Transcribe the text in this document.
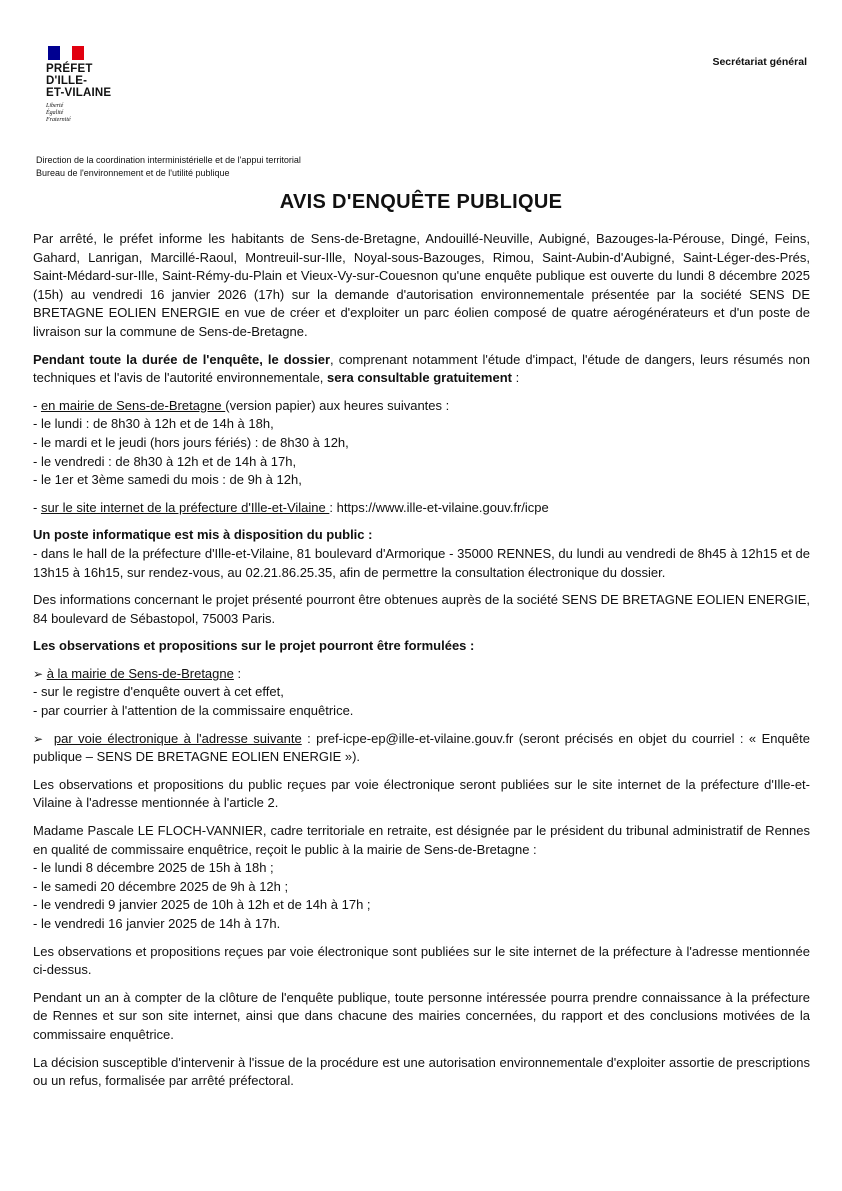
PRÉFET
D'ILLE-
ET-VILAINE
Liberté
Égalité
Fraternité
Secrétariat général
Direction de la coordination interministérielle et de l'appui territorial
Bureau de l'environnement et de l'utilité publique
AVIS D'ENQUÊTE PUBLIQUE

Par arrêté, le préfet informe les habitants de Sens-de-Bretagne, Andouillé-Neuville, Aubigné, Bazouges-la-Pérouse, Dingé, Feins, Gahard, Lanrigan, Marcillé-Raoul, Montreuil-sur-Ille, Noyal-sous-Bazouges, Rimou, Saint-Aubin-d'Aubigné, Saint-Léger-des-Prés, Saint-Médard-sur-Ille, Saint-Rémy-du-Plain et Vieux-Vy-sur-Couesnon qu'une enquête publique est ouverte du lundi 8 décembre 2025 (15h) au vendredi 16 janvier 2026 (17h) sur la demande d'autorisation environnementale présentée par la société SENS DE BRETAGNE EOLIEN ENERGIE en vue de créer et d'exploiter un parc éolien composé de quatre aérogénérateurs et d'un poste de livraison sur la commune de Sens-de-Bretagne.

Pendant toute la durée de l'enquête, le dossier, comprenant notamment l'étude d'impact, l'étude de dangers, leurs résumés non techniques et l'avis de l'autorité environnementale, sera consultable gratuitement :

- en mairie de Sens-de-Bretagne (version papier) aux heures suivantes :
- le lundi : de 8h30 à 12h et de 14h à 18h,
- le mardi et le jeudi (hors jours fériés) : de 8h30 à 12h,
- le vendredi : de 8h30 à 12h et de 14h à 17h,
- le 1er et 3ème samedi du mois : de 9h à 12h,

- sur le site internet de la préfecture d'Ille-et-Vilaine : https://www.ille-et-vilaine.gouv.fr/icpe

Un poste informatique est mis à disposition du public :
- dans le hall de la préfecture d'Ille-et-Vilaine, 81 boulevard d'Armorique - 35000 RENNES, du lundi au vendredi de 8h45 à 12h15 et de 13h15 à 16h15, sur rendez-vous, au 02.21.86.25.35, afin de permettre la consultation électronique du dossier.

Des informations concernant le projet présenté pourront être obtenues auprès de la société SENS DE BRETAGNE EOLIEN ENERGIE, 84 boulevard de Sébastopol, 75003 Paris.

Les observations et propositions sur le projet pourront être formulées :

➢ à la mairie de Sens-de-Bretagne :
- sur le registre d'enquête ouvert à cet effet,
- par courrier à l'attention de la commissaire enquêtrice.

➢ par voie électronique à l'adresse suivante : pref-icpe-ep@ille-et-vilaine.gouv.fr (seront précisés en objet du courriel : « Enquête publique – SENS DE BRETAGNE EOLIEN ENERGIE »).

Les observations et propositions du public reçues par voie électronique seront publiées sur le site internet de la préfecture d'Ille-et-Vilaine à l'adresse mentionnée à l'article 2.

Madame Pascale LE FLOCH-VANNIER, cadre territoriale en retraite, est désignée par le président du tribunal administratif de Rennes en qualité de commissaire enquêtrice, reçoit le public à la mairie de Sens-de-Bretagne :
- le lundi 8 décembre 2025 de 15h à 18h ;
- le samedi 20 décembre 2025 de 9h à 12h ;
- le vendredi 9 janvier 2025 de 10h à 12h et de 14h à 17h ;
- le vendredi 16 janvier 2025 de 14h à 17h.

Les observations et propositions reçues par voie électronique sont publiées sur le site internet de la préfecture à l'adresse mentionnée ci-dessus.

Pendant un an à compter de la clôture de l'enquête publique, toute personne intéressée pourra prendre connaissance à la préfecture de Rennes et sur son site internet, ainsi que dans chacune des mairies concernées, du rapport et des conclusions motivées de la commissaire enquêtrice.

La décision susceptible d'intervenir à l'issue de la procédure est une autorisation environnementale d'exploiter assortie de prescriptions ou un refus, formalisée par arrêté préfectoral.
